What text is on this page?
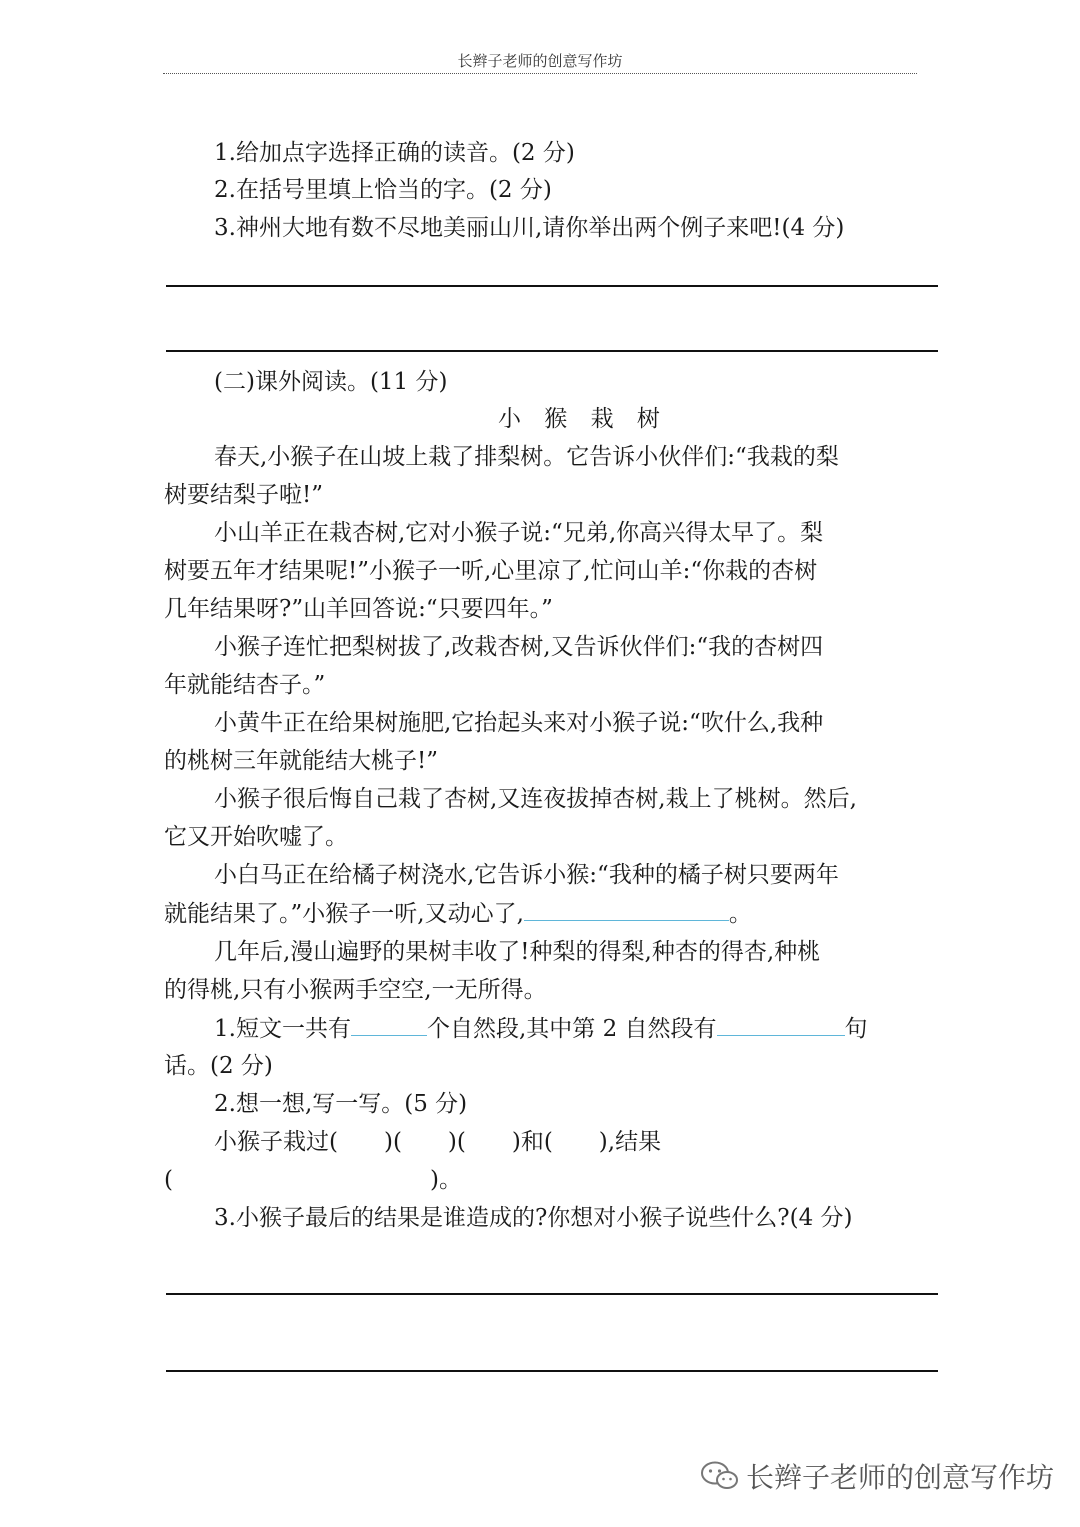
长辫子老师的创意写作坊
1.给加点字选择正确的读音。(2 分)
2.在括号里填上恰当的字。(2 分)
3.神州大地有数不尽地美丽山川,请你举出两个例子来吧!(4 分)
(二)课外阅读。(11 分)
小 猴 栽 树
春天,小猴子在山坡上栽了排梨树。它告诉小伙伴们:“我栽的梨
树要结梨子啦!”
小山羊正在栽杏树,它对小猴子说:“兄弟,你高兴得太早了。梨
树要五年才结果呢!”小猴子一听,心里凉了,忙问山羊:“你栽的杏树
几年结果呀?”山羊回答说:“只要四年。”
小猴子连忙把梨树拔了,改栽杏树,又告诉伙伴们:“我的杏树四
年就能结杏子。”
小黄牛正在给果树施肥,它抬起头来对小猴子说:“吹什么,我种
的桃树三年就能结大桃子!”
小猴子很后悔自己栽了杏树,又连夜拔掉杏树,栽上了桃树。然后,
它又开始吹嘘了。
小白马正在给橘子树浇水,它告诉小猴:“我种的橘子树只要两年
就能结果了。”小猴子一听,又动心了,	。
几年后,漫山遍野的果树丰收了!种梨的得梨,种杏的得杏,种桃
的得桃,只有小猴两手空空,一无所得。
1.短文一共有	个自然段,其中第 2 自然段有	句
话。(2 分)
2.想一想,写一写。(5 分)
小猴子栽过(　　)(　　)(　　)和(　　),结果
(	)。
3.小猴子最后的结果是谁造成的?你想对小猴子说些什么?(4 分)
长辫子老师的创意写作坊
